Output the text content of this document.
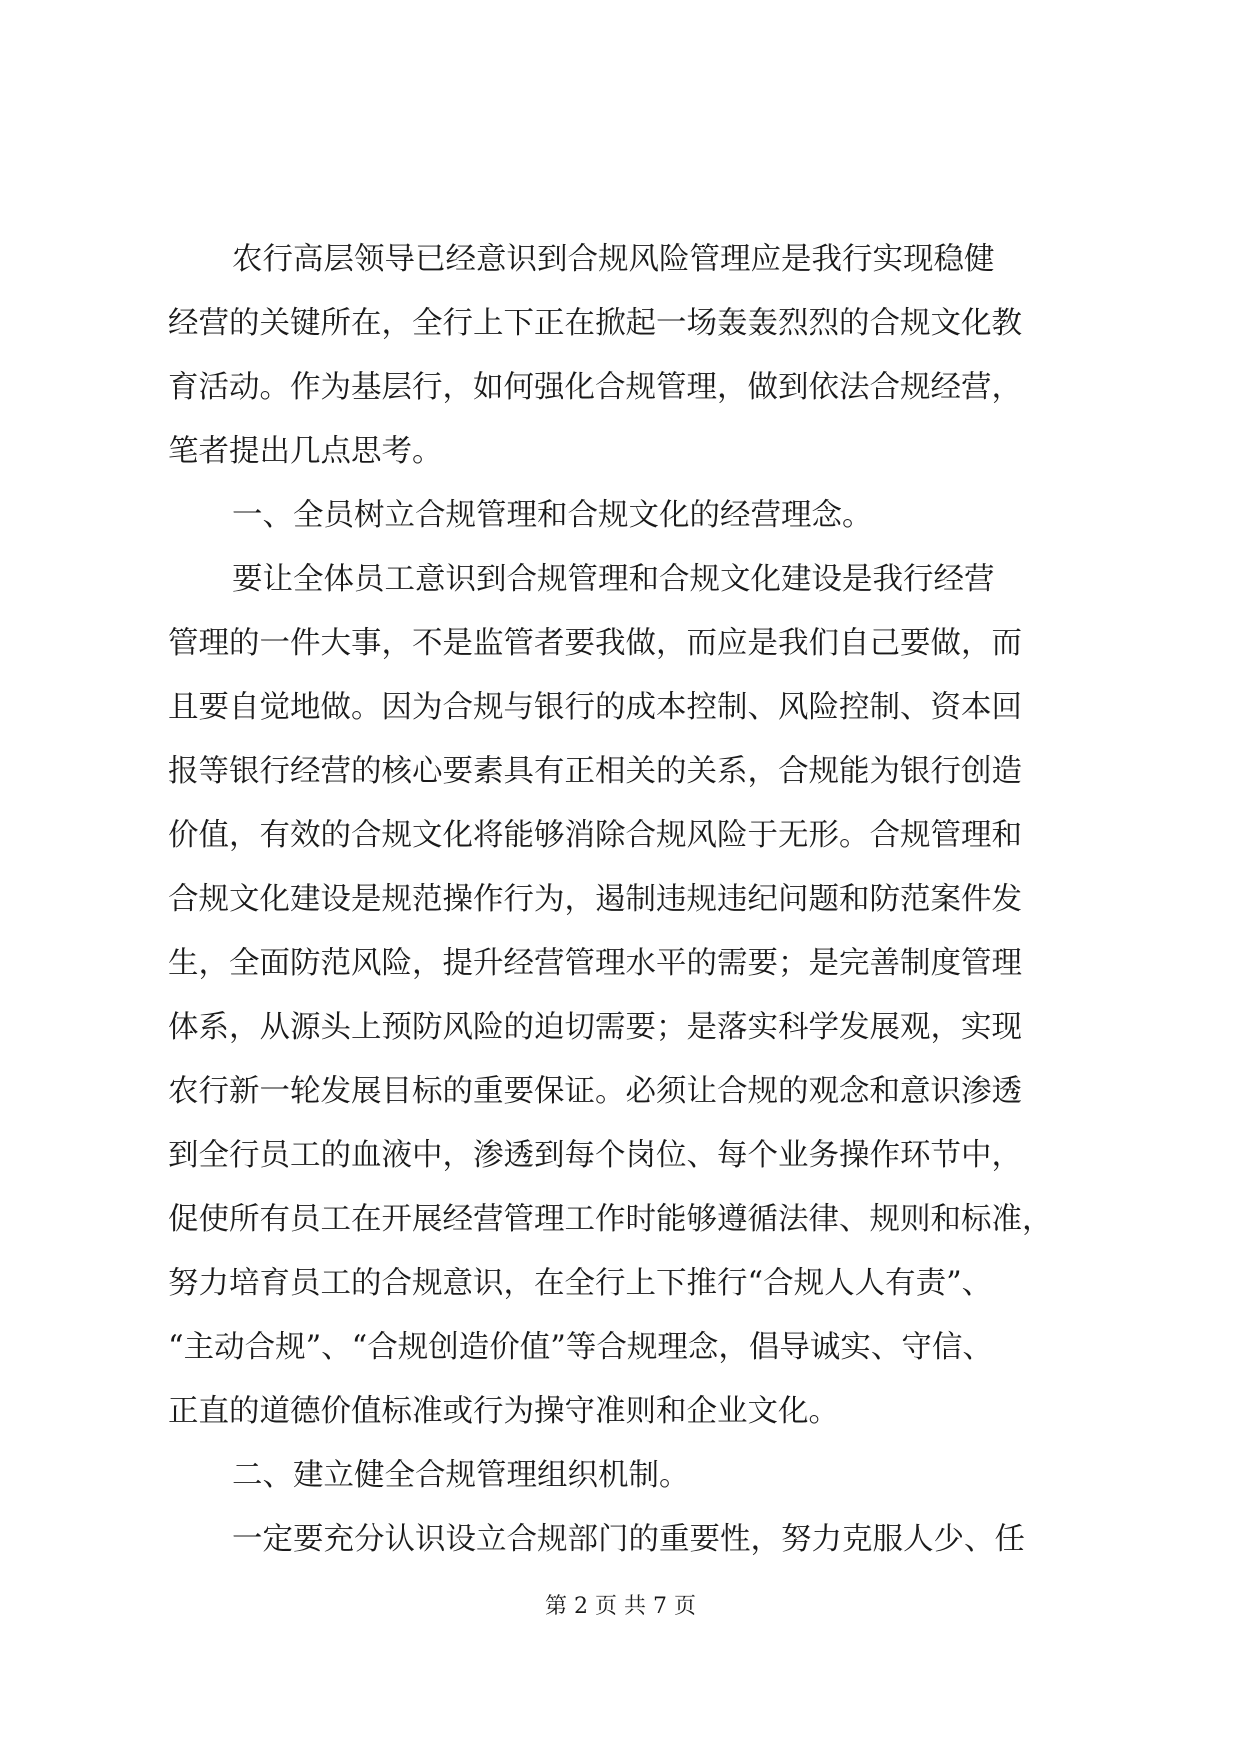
农行高层领导已经意识到合规风险管理应是我行实现稳健
经营的关键所在，全行上下正在掀起一场轰轰烈烈的合规文化教
育活动。作为基层行，如何强化合规管理，做到依法合规经营，
笔者提出几点思考。
一、全员树立合规管理和合规文化的经营理念。
要让全体员工意识到合规管理和合规文化建设是我行经营
管理的一件大事，不是监管者要我做，而应是我们自己要做，而
且要自觉地做。因为合规与银行的成本控制、风险控制、资本回
报等银行经营的核心要素具有正相关的关系，合规能为银行创造
价值，有效的合规文化将能够消除合规风险于无形。合规管理和
合规文化建设是规范操作行为，遏制违规违纪问题和防范案件发
生，全面防范风险，提升经营管理水平的需要；是完善制度管理
体系，从源头上预防风险的迫切需要；是落实科学发展观，实现
农行新一轮发展目标的重要保证。必须让合规的观念和意识渗透
到全行员工的血液中，渗透到每个岗位、每个业务操作环节中，
促使所有员工在开展经营管理工作时能够遵循法律、规则和标准，
努力培育员工的合规意识，在全行上下推行“合规人人有责”、
“主动合规”、“合规创造价值”等合规理念，倡导诚实、守信、
正直的道德价值标准或行为操守准则和企业文化。
二、建立健全合规管理组织机制。
一定要充分认识设立合规部门的重要性，努力克服人少、任
第 2 页 共 7 页
